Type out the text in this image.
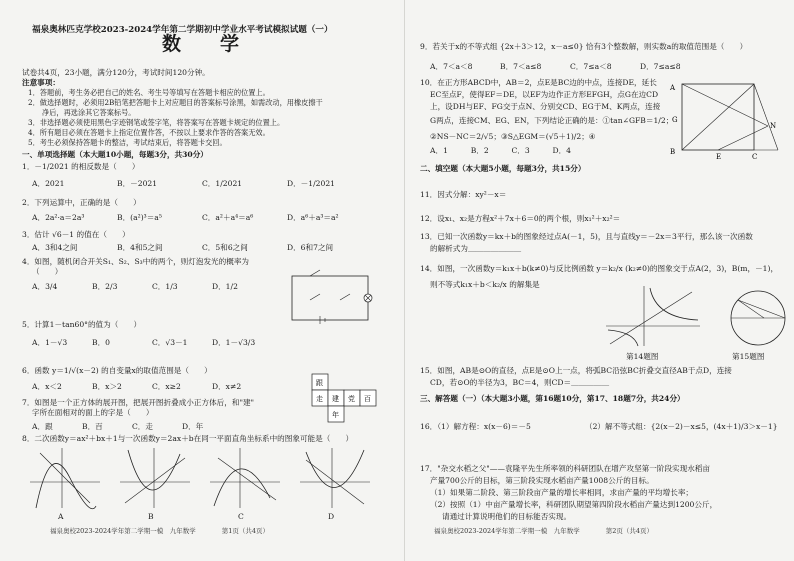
福泉奥林匹克学校2023-2024学年第二学期初中学业水平考试模拟试题（一）
数　学
试卷共4页，23小题，满分120分，考试时间120分钟。
注意事项：
1．答题前，考生务必把自己的姓名、考生号等填写在答题卡相应的位置上。
2．做选择题时，必须用2B铅笔把答题卡上对应题目的答案标号涂黑，如需改动，用橡皮擦干
净后，再选涂其它答案标号。
3．非选择题必须使用黑色字迹钢笔或签字笔，将答案写在答题卡规定的位置上。
4．所有题目必须在答题卡上指定位置作答，不按以上要求作答的答案无效。
5．考生必须保持答题卡的整洁，考试结束后，将答题卡交回。
一、单项选择题（本大题10小题，每题3分，共30分）
1．－1/2021 的相反数是（　　）
A．2021	B．－2021	C．1/2021	D．－1/2021
2．下列运算中，正确的是（　　）
A．2a²·a＝2a³	B．(a²)³＝a⁵	C．a²＋a⁴＝a⁶	D．a⁶＋a³＝a²
3．估计 √6－1 的值在（　　）
A．3和4之间	B．4和5之间	C．5和6之间	D．6和7之间
4．如图，随机闭合开关S₁、S₂、S₃中的两个，则灯泡发光的概率为
（　　）
A．3/4	B．2/3	C．1/3	D．1/2
5．计算1－tan60°的值为（　　）
A．1－√3	B．0	C．√3－1	D．1－√3/3
6．函数 y＝1/√(x－2) 的自变量x的取值范围是（　　）
A．x＜2	B．x＞2	C．x≥2	D．x≠2
7．如图是一个正方体的展开图，把展开图折叠成小正方体后，和"建"
字所在面相对的面上的字是（　　）
A．跟	B．百	C．走	D．年
跟
走 建 党 百
年
8．二次函数y＝ax²＋bx＋1与一次函数y＝2ax＋b在同一平面直角坐标系中的图象可能是（　　）
A	B	C	D
福泉奥校2023-2024学年第二学期一模　九年数学　　　　第1页（共4页）
9．若关于x的不等式组 {2x＋3＞12，x－a≤0} 恰有3个整数解，则实数a的取值范围是（　　）
A．7＜a＜8	B．7＜a≤8	C．7≤a＜8	D．7≤a≤8
10．在正方形ABCD中，AB＝2，点E是BC边的中点，连接DE，延长
EC至点F，使得EF＝DE，以EF为边作正方形EFGH，点G在边CD
上，设DH与EF、FG交于点N、分别交CD、EG于M、K两点，连接
G两点，连接CM、EG、EN，下列结论正确的是：①tan∠GFB＝1/2；
②NS－NC＝2/√5；③S△EGM＝(√5＋1)/2；④
A．1　　　B．2　　　C．3　　　D．4
A
B
E	C
G
N
二、填空题（本大题5小题，每题3分，共15分）
11．因式分解：xy²－x＝
12．设x₁、x₂是方程x²＋7x＋6＝0的两个根，则x₁²＋x₂²＝
13．已知一次函数y＝kx＋b的图象经过点A(－1，5)，且与直线y＝－2x＝3平行，那么该一次函数
的解析式为＿＿＿＿＿＿＿
14．如图，一次函数y＝k₁x＋b(k≠0)与反比例函数 y＝k₂/x (k₂≠0)的图象交于点A(2，3)，B(m，－1)，
则不等式k₁x＋b＜k₂/x 的解集是
第14题图	第15题图
15．如图，AB是⊙O的直径，点E是⊙O上一点，将弧BC沿弦BC折叠交直径AB于点D，连接
CD，若⊙O的半径为3，BC＝4，则CD＝＿＿＿＿＿
三、解答题（一）（本大题3小题，第16题10分，第17、18题7分，共24分）
16．（1）解方程：x(x－6)＝－5	（2）解不等式组：{2(x－2)－x≤5，(4x＋1)/3＞x－1}
17．"杂交水稻之父"——袁隆平先生所率领的科研团队在增产攻坚第一阶段实现水稻亩
产量700公斤的目标，第三阶段实现水稻亩产量1008公斤的目标。
（1）如果第二阶段、第三阶段亩产量的增长率相同，求亩产量的平均增长率；
（2）按照（1）中亩产量增长率，科研团队期望第四阶段水稻亩产量达到1200公斤，
请通过计算说明他们的目标能否实现。
福泉奥校2023-2024学年第二学期一模　九年数学　　　　第2页（共4页）
